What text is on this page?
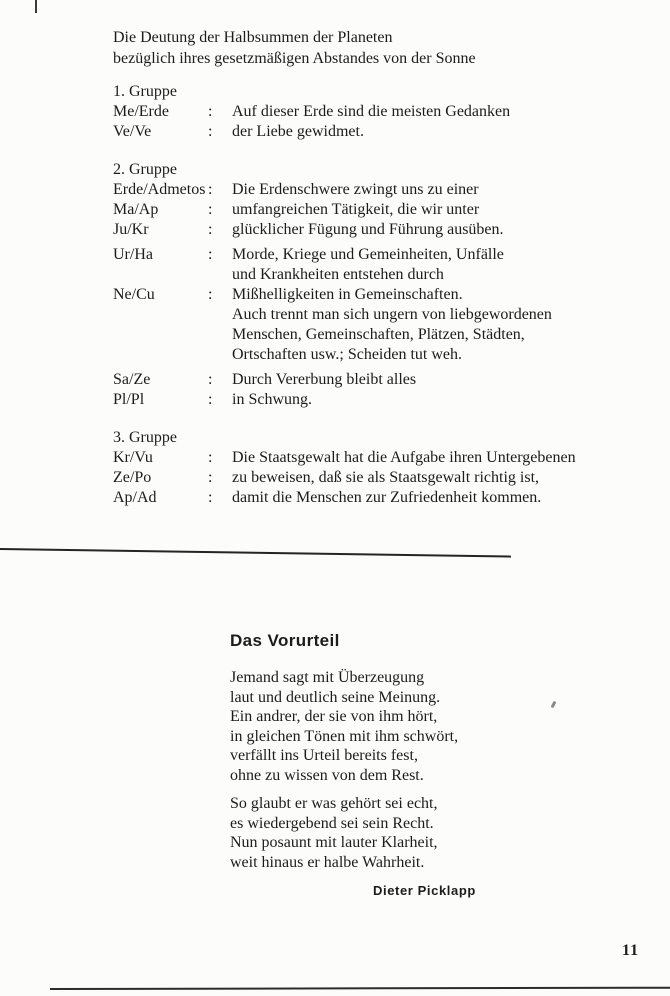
Die Deutung der Halbsummen der Planeten
bezüglich ihres gesetzmäßigen Abstandes von der Sonne
1. Gruppe
Me/Erde	:	Auf dieser Erde sind die meisten Gedanken
Ve/Ve	:	der Liebe gewidmet.
2. Gruppe
Erde/Admetos :	Die Erdenschwere zwingt uns zu einer
Ma/Ap	:	umfangreichen Tätigkeit, die wir unter
Ju/Kr	:	glücklicher Fügung und Führung ausüben.
Ur/Ha	:	Morde, Kriege und Gemeinheiten, Unfälle
und Krankheiten entstehen durch
Ne/Cu	:	Mißhelligkeiten in Gemeinschaften.
Auch trennt man sich ungern von liebgewordenen
Menschen, Gemeinschaften, Plätzen, Städten,
Ortschaften usw.; Scheiden tut weh.
Sa/Ze	:	Durch Vererbung bleibt alles
Pl/Pl	:	in Schwung.
3. Gruppe
Kr/Vu	:	Die Staatsgewalt hat die Aufgabe ihren Untergebenen
Ze/Po	:	zu beweisen, daß sie als Staatsgewalt richtig ist,
Ap/Ad	:	damit die Menschen zur Zufriedenheit kommen.
Das Vorurteil
Jemand sagt mit Überzeugung
laut und deutlich seine Meinung.
Ein andrer, der sie von ihm hört,
in gleichen Tönen mit ihm schwört,
verfällt ins Urteil bereits fest,
ohne zu wissen von dem Rest.
So glaubt er was gehört sei echt,
es wiedergebend sei sein Recht.
Nun posaunt mit lauter Klarheit,
weit hinaus er halbe Wahrheit.
Dieter Picklapp
11
